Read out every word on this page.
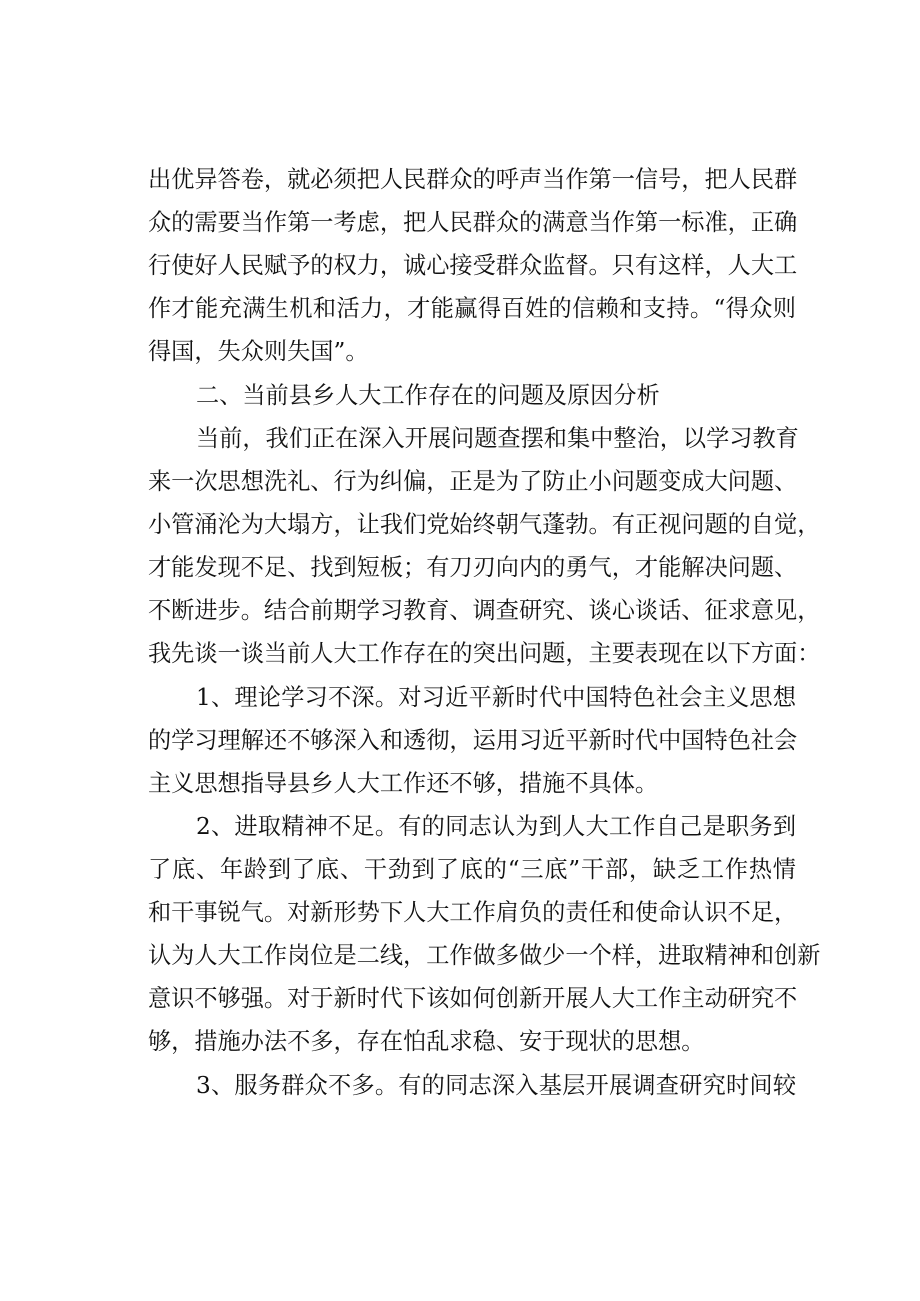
出优异答卷，就必须把人民群众的呼声当作第一信号，把人民群
众的需要当作第一考虑，把人民群众的满意当作第一标准，正确
行使好人民赋予的权力，诚心接受群众监督。只有这样，人大工
作才能充满生机和活力，才能赢得百姓的信赖和支持。“得众则
得国，失众则失国”。
二、当前县乡人大工作存在的问题及原因分析
当前，我们正在深入开展问题查摆和集中整治，以学习教育
来一次思想洗礼、行为纠偏，正是为了防止小问题变成大问题、
小管涌沦为大塌方，让我们党始终朝气蓬勃。有正视问题的自觉，
才能发现不足、找到短板；有刀刃向内的勇气，才能解决问题、
不断进步。结合前期学习教育、调查研究、谈心谈话、征求意见，
我先谈一谈当前人大工作存在的突出问题，主要表现在以下方面：
1、理论学习不深。对习近平新时代中国特色社会主义思想
的学习理解还不够深入和透彻，运用习近平新时代中国特色社会
主义思想指导县乡人大工作还不够，措施不具体。
2、进取精神不足。有的同志认为到人大工作自己是职务到
了底、年龄到了底、干劲到了底的“三底”干部，缺乏工作热情
和干事锐气。对新形势下人大工作肩负的责任和使命认识不足，
认为人大工作岗位是二线，工作做多做少一个样，进取精神和创新
意识不够强。对于新时代下该如何创新开展人大工作主动研究不
够，措施办法不多，存在怕乱求稳、安于现状的思想。
3、服务群众不多。有的同志深入基层开展调查研究时间较
